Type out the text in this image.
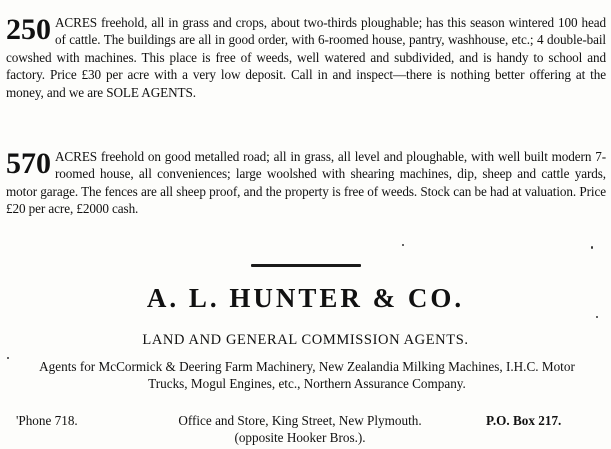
250 ACRES freehold, all in grass and crops, about two-thirds ploughable; has this season wintered 100 head of cattle. The buildings are all in good order, with 6-roomed house, pantry, washhouse, etc.; 4 double-bail cowshed with machines. This place is free of weeds, well watered and subdivided, and is handy to school and factory. Price £30 per acre with a very low deposit. Call in and inspect—there is nothing better offering at the money, and we are SOLE AGENTS.

570 ACRES freehold on good metalled road; all in grass, all level and ploughable, with well built modern 7-roomed house, all conveniences; large woolshed with shearing machines, dip, sheep and cattle yards, motor garage. The fences are all sheep proof, and the property is free of weeds. Stock can be had at valuation. Price £20 per acre, £2000 cash.

A. L. HUNTER & CO.
LAND AND GENERAL COMMISSION AGENTS.
Agents for McCormick & Deering Farm Machinery, New Zealandia Milking Machines, I.H.C. Motor Trucks, Mogul Engines, etc., Northern Assurance Company.
'Phone 718.	Office and Store, King Street, New Plymouth.
(opposite Hooker Bros.).
P.O. Box 217.
